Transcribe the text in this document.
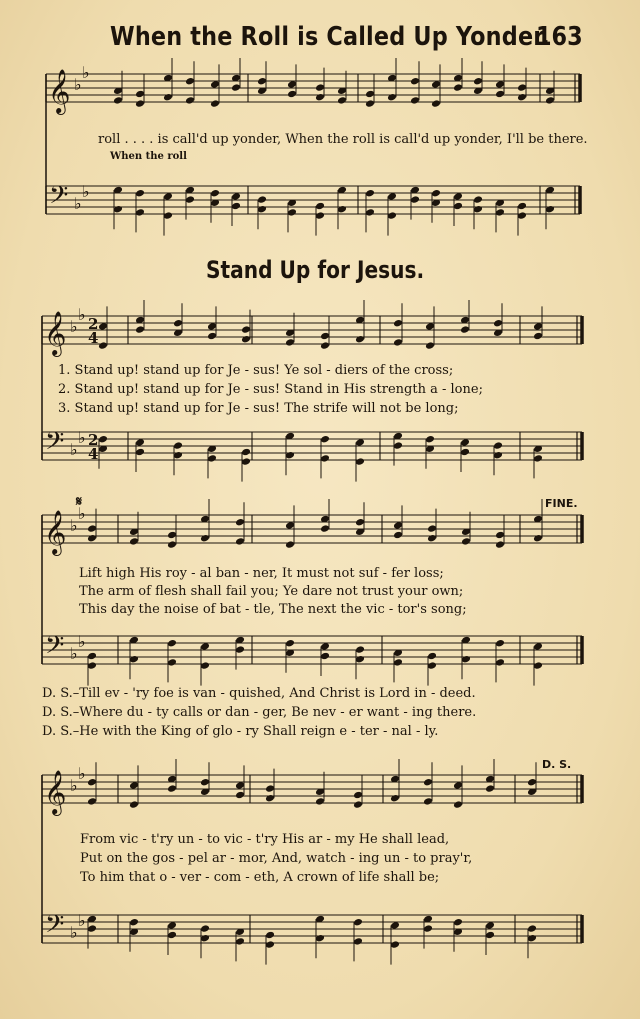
When the Roll is Called Up Yonder.
163
roll . . . . is call'd up yonder, When the roll is call'd up yonder, I'll be there.
When the roll
Stand Up for Jesus.
1. Stand up! stand up for Je - sus! Ye sol - diers of the cross;
2. Stand up! stand up for Je - sus! Stand in His strength a - lone;
3. Stand up! stand up for Je - sus! The strife will not be long;
𝄋	FINE.
Lift high His roy - al ban - ner, It must not suf - fer loss;
The arm of flesh shall fail you; Ye dare not trust your own;
This day the noise of bat - tle, The next the vic - tor's song;
D. S.–Till ev - 'ry foe is van - quished, And Christ is Lord in - deed.
D. S.–Where du - ty calls or dan - ger, Be nev - er want - ing there.
D. S.–He with the King of glo - ry Shall reign e - ter - nal - ly.
D. S.
From vic - t'ry un - to vic - t'ry His ar - my He shall lead,
Put on the gos - pel ar - mor, And, watch - ing un - to pray'r,
To him that o - ver - com - eth, A crown of life shall be;
𝄞
𝄢
♭
♭
♭
♭
𝄞
𝄢
♭
♭
♭
♭
2
4
2
4
𝄞
𝄢
♭
♭
♭
♭
𝄞
𝄢
♭
♭
♭
♭
